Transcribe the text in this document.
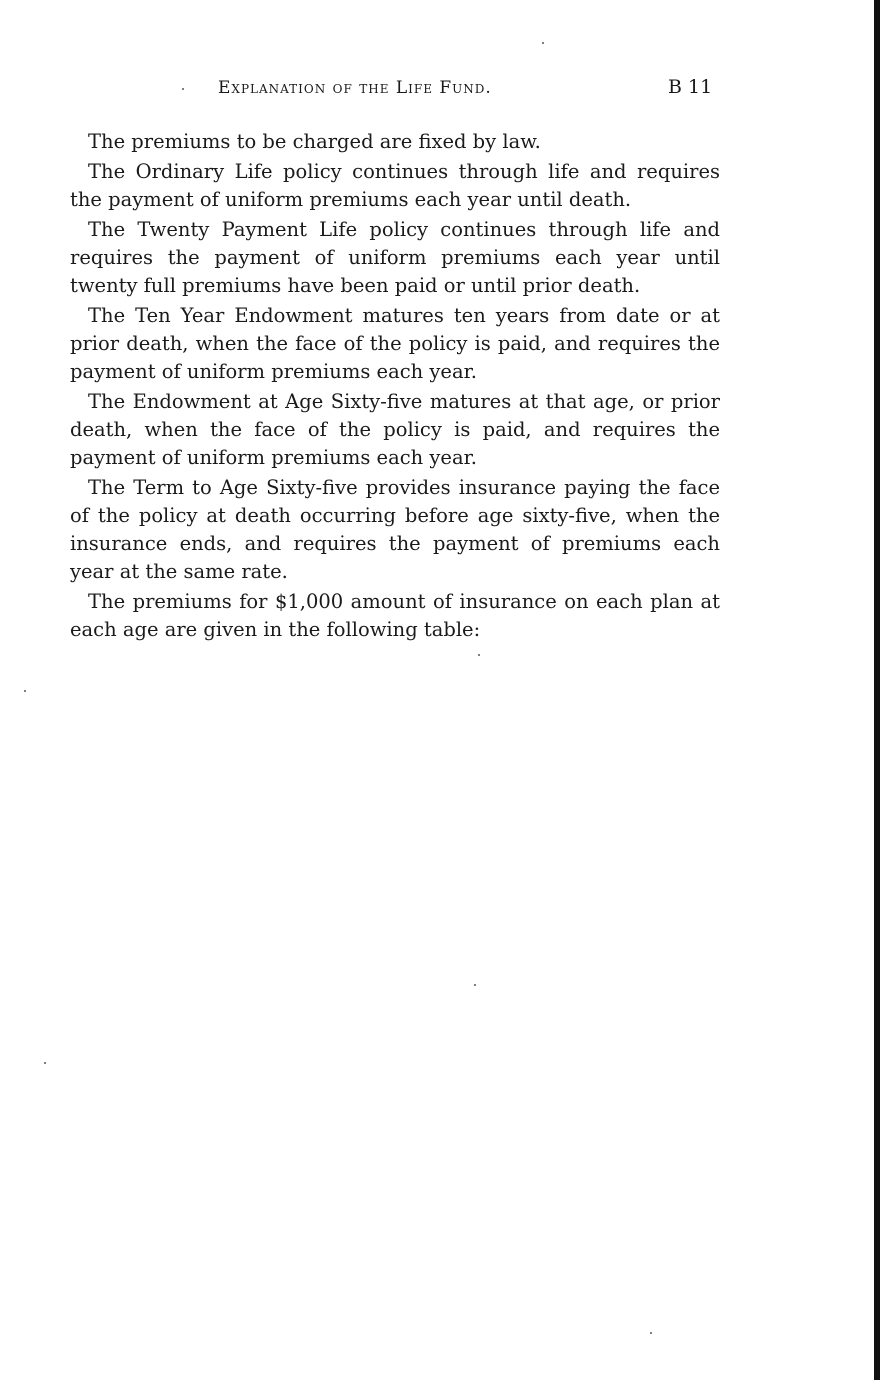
Explanation of the Life Fund.	B 11

The premiums to be charged are fixed by law.

The Ordinary Life policy continues through life and requires the payment of uniform premiums each year until death.

The Twenty Payment Life policy continues through life and requires the payment of uniform premiums each year until twenty full premiums have been paid or until prior death.

The Ten Year Endowment matures ten years from date or at prior death, when the face of the policy is paid, and requires the payment of uniform premiums each year.

The Endowment at Age Sixty-five matures at that age, or prior death, when the face of the policy is paid, and requires the payment of uniform premiums each year.

The Term to Age Sixty-five provides insurance paying the face of the policy at death occurring before age sixty-five, when the insurance ends, and requires the payment of premiums each year at the same rate.

The premiums for $1,000 amount of insurance on each plan at each age are given in the following table:
